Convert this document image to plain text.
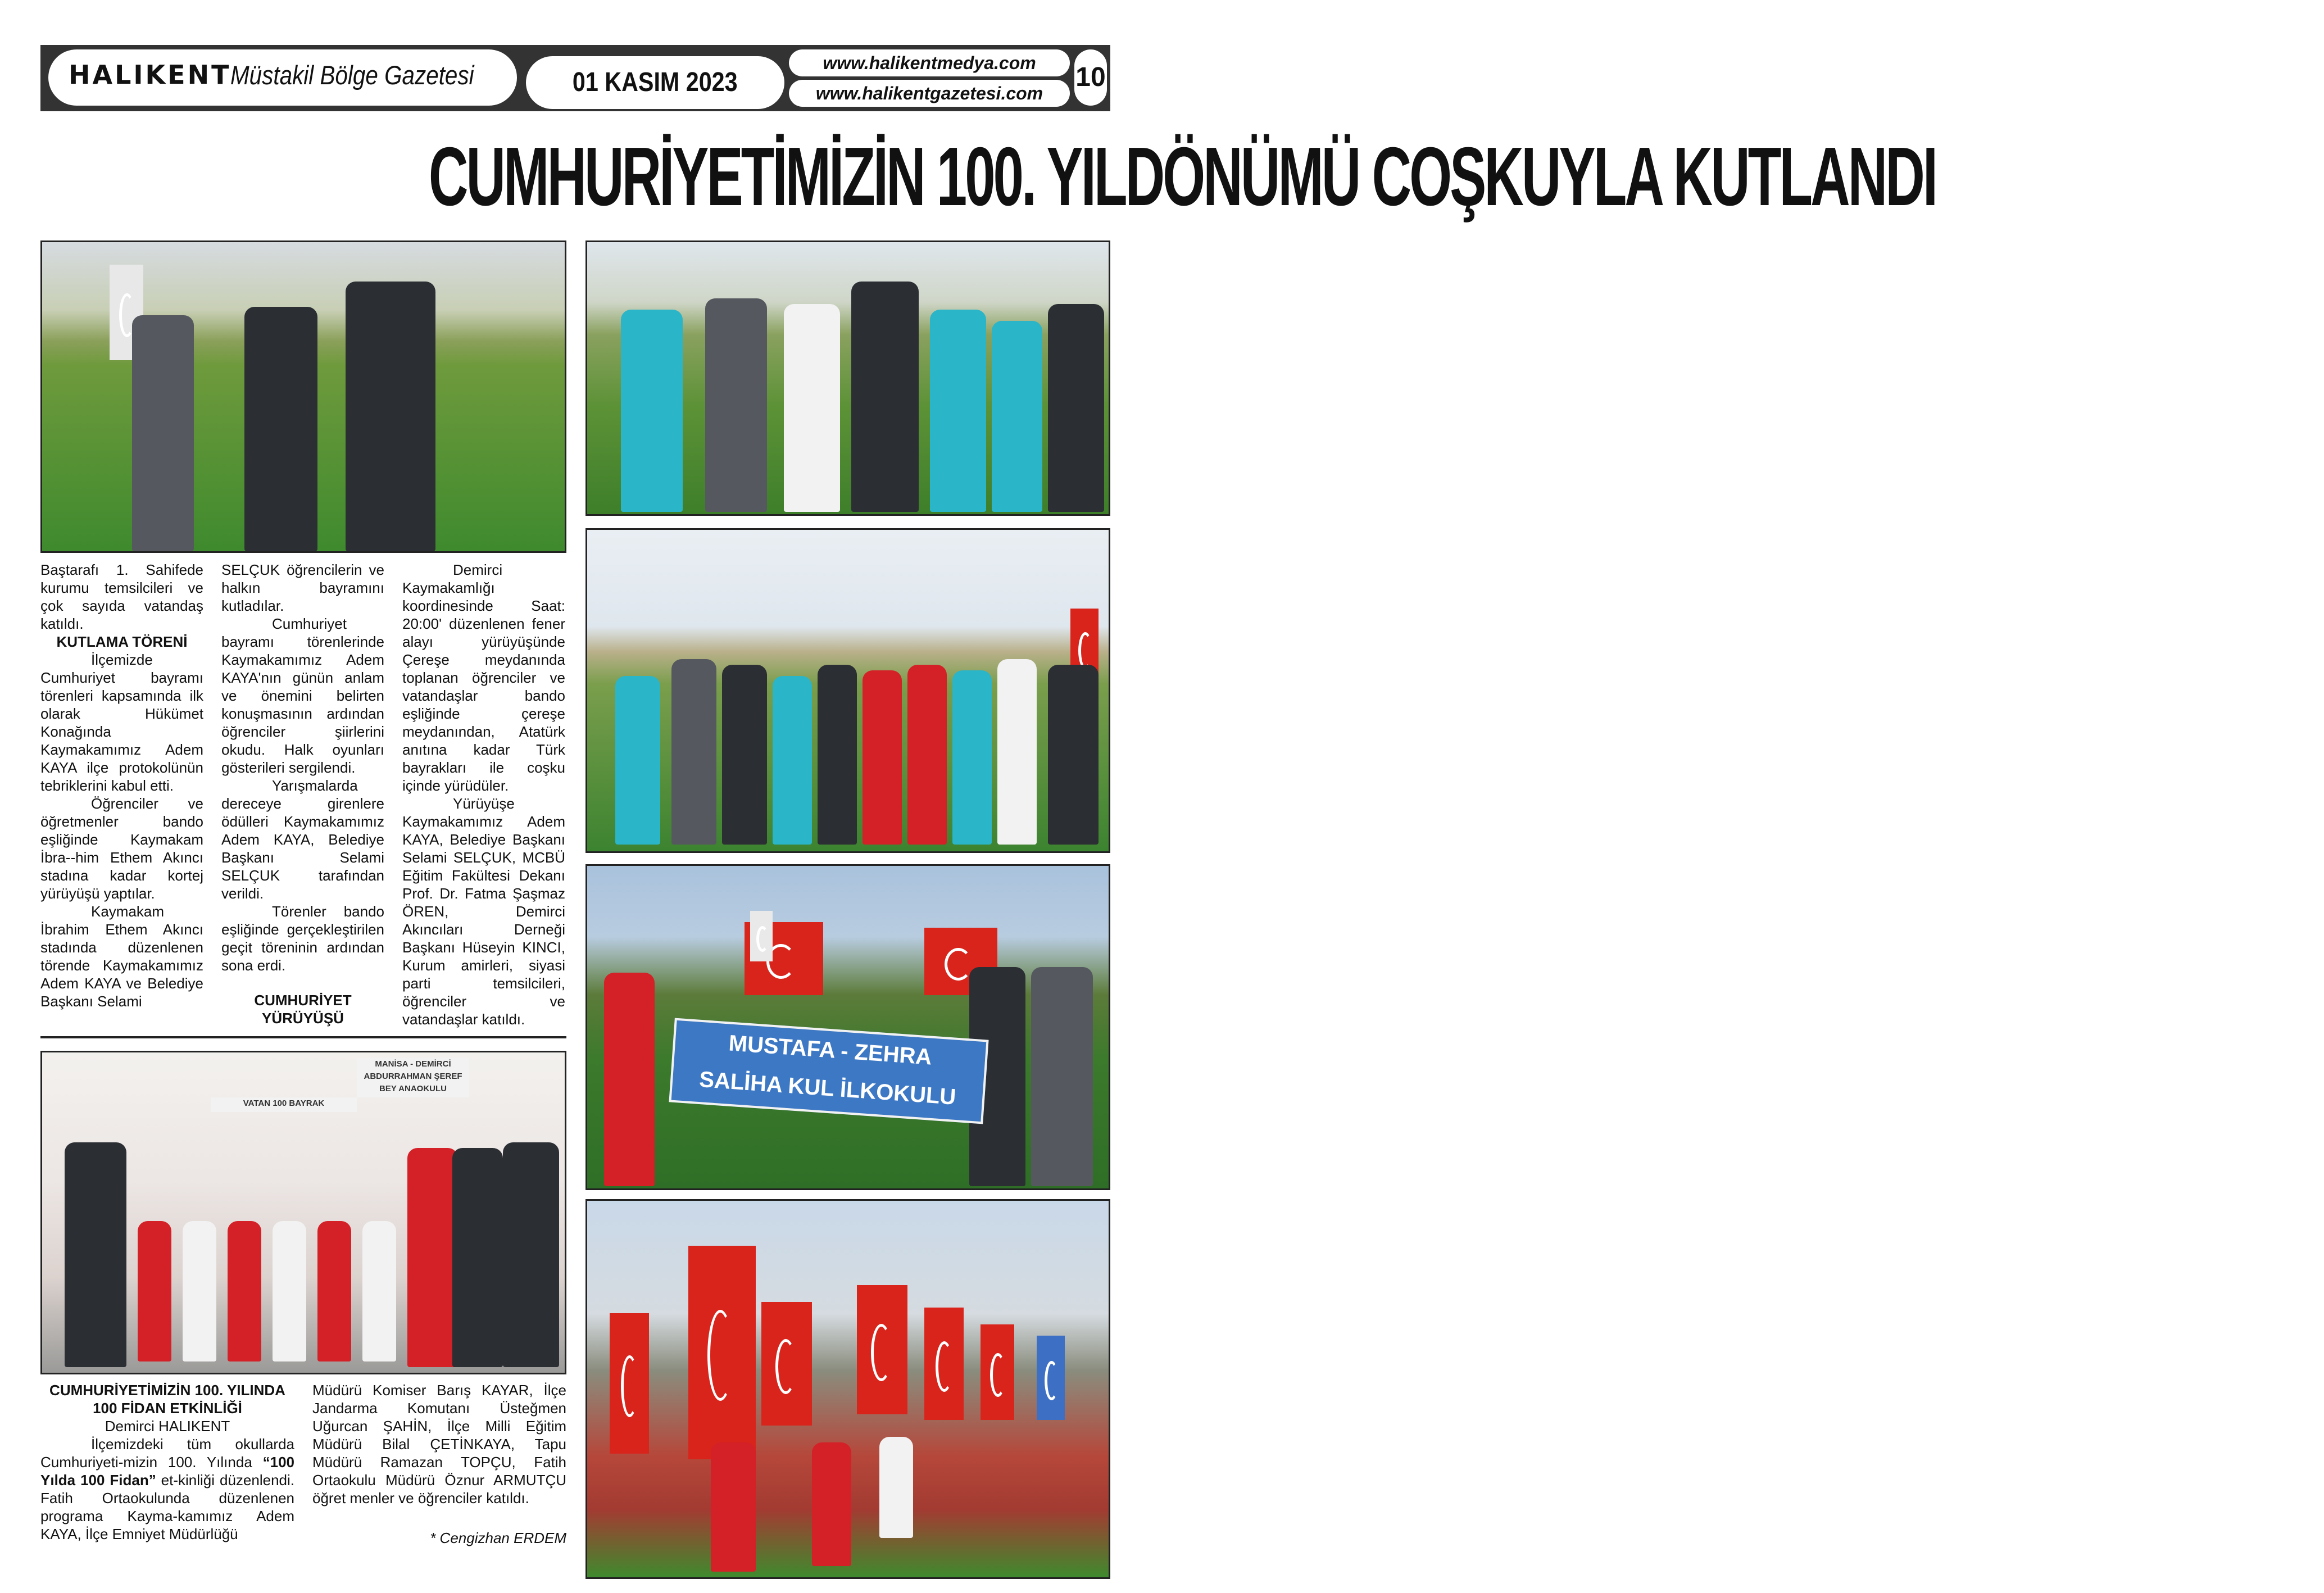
HALIKENT
Müstakil Bölge Gazetesi	01 KASIM 2023
www.halikentmedya.com
www.halikentgazetesi.com
10
CUMHURİYETİMİZİN 100. YILDÖNÜMÜ COŞKUYLA KUTLANDI
MUSTAFA - ZEHRA
SALİHA KUL İLKOKULU
MANİSA - DEMİRCİ ABDURRAHMAN ŞEREF BEY ANAOKULU
VATAN 100 BAYRAK

Baştarafı 1. Sahifede kurumu temsilcileri ve çok sayıda vatandaş katıldı.

KUTLAMA TÖRENİ

İlçemizde Cumhuriyet bayramı törenleri kapsamında ilk olarak Hükümet Konağında Kaymakamımız Adem KAYA ilçe protokolünün tebriklerini kabul etti.

Öğrenciler ve öğretmenler bando eşliğinde Kaymakam İbra--him Ethem Akıncı stadına kadar kortej yürüyüşü yaptılar.

Kaymakam İbrahim Ethem Akıncı stadında düzenlenen törende Kaymakamımız Adem KAYA ve Belediye Başkanı Selami

SELÇUK öğrencilerin ve halkın bayramını kutladılar.

Cumhuriyet bayramı törenlerinde Kaymakamımız Adem KAYA'nın günün anlam ve önemini belirten konuşmasının ardından öğrenciler şiirlerini okudu. Halk oyunları gösterileri sergilendi.

Yarışmalarda dereceye girenlere ödülleri Kaymakamımız Adem KAYA, Belediye Başkanı Selami SELÇUK tarafından verildi.

Törenler bando eşliğinde gerçekleştirilen geçit töreninin ardından sona erdi.

CUMHURİYET YÜRÜYÜŞÜ

Demirci Kaymakamlığı koordinesinde Saat: 20:00' düzenlenen fener alayı yürüyüşünde Çereşe meydanında toplanan öğrenciler ve vatandaşlar bando eşliğinde çereşe meydanından, Atatürk anıtına kadar Türk bayrakları ile coşku içinde yürüdüler.

Yürüyüşe Kaymakamımız Adem KAYA, Belediye Başkanı Selami SELÇUK, MCBÜ Eğitim Fakültesi Dekanı Prof. Dr. Fatma Şaşmaz ÖREN, Demirci Akıncıları Derneği Başkanı Hüseyin KINCI, Kurum amirleri, siyasi parti temsilcileri, öğrenciler ve vatandaşlar katıldı.

CUMHURİYETİMİZİN 100. YILINDA 100 FİDAN ETKİNLİĞİ

Demirci HALIKENT

İlçemizdeki tüm okullarda Cumhuriyeti-mizin 100. Yılında “100 Yılda 100 Fidan” et-kinliği düzenlendi. Fatih Ortaokulunda düzenlenen programa Kayma-kamımız Adem KAYA, İlçe Emniyet Müdürlüğü

Müdürü Komiser Barış KAYAR, İlçe Jandarma Komutanı Üsteğmen Uğurcan ŞAHİN, İlçe Milli Eğitim Müdürü Bilal ÇETİNKAYA, Tapu Müdürü Ramazan TOPÇU, Fatih Ortaokulu Müdürü Öznur ARMUTÇU öğret menler ve öğrenciler katıldı.

* Cengizhan ERDEM
